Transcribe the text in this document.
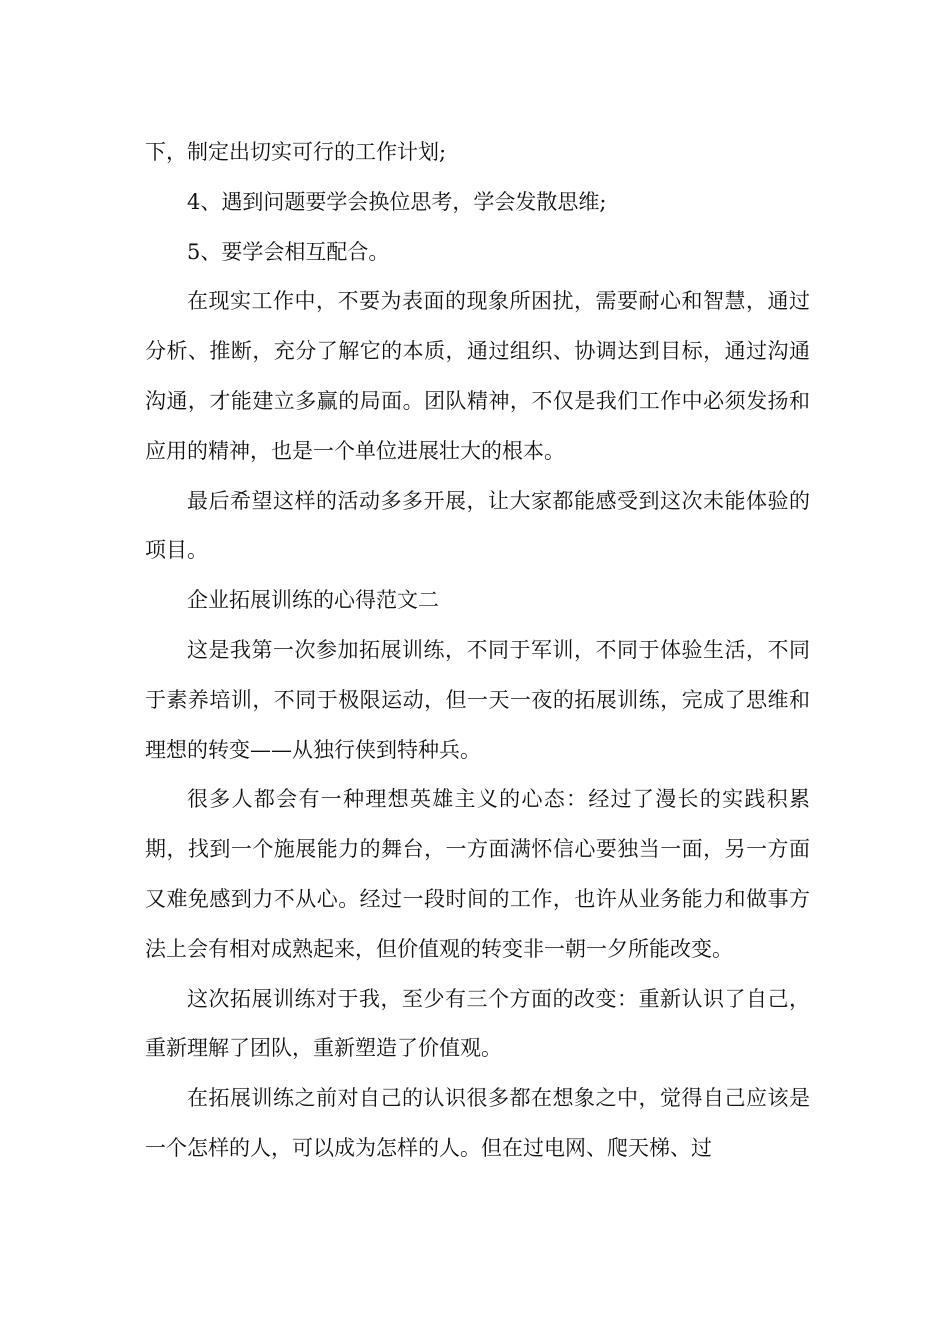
下，制定出切实可行的工作计划;

4、遇到问题要学会换位思考，学会发散思维;

5、要学会相互配合。

在现实工作中，不要为表面的现象所困扰，需要耐心和智慧，通过分析、推断，充分了解它的本质，通过组织、协调达到目标，通过沟通沟通，才能建立多赢的局面。团队精神，不仅是我们工作中必须发扬和应用的精神，也是一个单位进展壮大的根本。

最后希望这样的活动多多开展，让大家都能感受到这次未能体验的项目。

企业拓展训练的心得范文二

这是我第一次参加拓展训练，不同于军训，不同于体验生活，不同于素养培训，不同于极限运动，但一天一夜的拓展训练，完成了思维和理想的转变——从独行侠到特种兵。

很多人都会有一种理想英雄主义的心态：经过了漫长的实践积累期，找到一个施展能力的舞台，一方面满怀信心要独当一面，另一方面又难免感到力不从心。经过一段时间的工作，也许从业务能力和做事方法上会有相对成熟起来，但价值观的转变非一朝一夕所能改变。

这次拓展训练对于我，至少有三个方面的改变：重新认识了自己，重新理解了团队，重新塑造了价值观。

在拓展训练之前对自己的认识很多都在想象之中，觉得自己应该是一个怎样的人，可以成为怎样的人。但在过电网、爬天梯、过
